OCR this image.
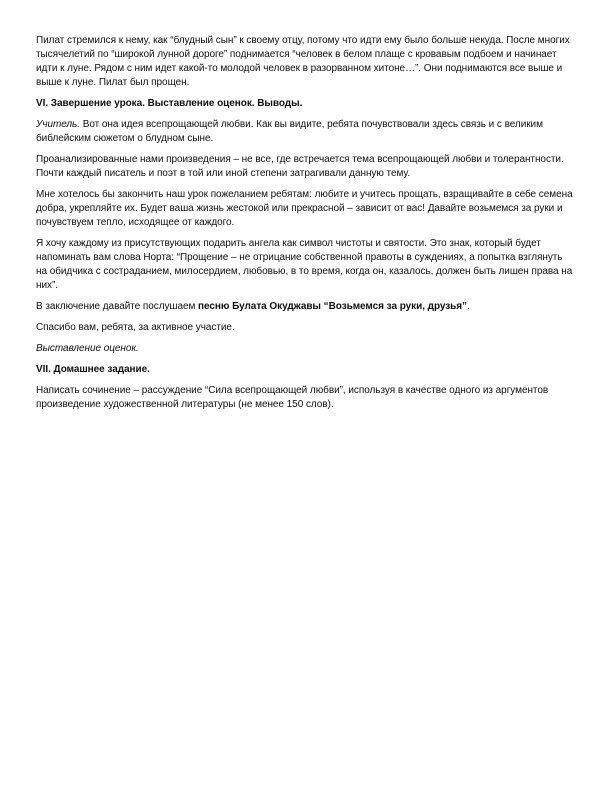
Пилат стремился к нему, как “блудный сын” к своему отцу, потому что идти ему было больше некуда. После многих тысячелетий по “широкой лунной дороге” поднимается “человек в белом плаще с кровавым подбоем и начинает идти к луне. Рядом с ним идет какой-то молодой человек в разорванном хитоне…”. Они поднимаются все выше и выше к луне. Пилат был прощен.

VI. Завершение урока. Выставление оценок. Выводы.

Учитель. Вот она идея всепрощающей любви. Как вы видите, ребята почувствовали здесь связь и с великим библейским сюжетом о блудном сыне.

Проанализированные нами произведения – не все, где встречается тема всепрощающей любви и толерантности. Почти каждый писатель и поэт в той или иной степени затрагивали данную тему.

Мне хотелось бы закончить наш урок пожеланием ребятам: любите и учитесь прощать, взращивайте в себе семена добра, укрепляйте их. Будет ваша жизнь жестокой или прекрасной – зависит от вас! Давайте возьмемся за руки и почувствуем тепло, исходящее от каждого.

Я хочу каждому из присутствующих подарить ангела как символ чистоты и святости. Это знак, который будет напоминать вам слова Норта: “Прощение – не отрицание собственной правоты в суждениях, а попытка взглянуть на обидчика с состраданием, милосердием, любовью, в то время, когда он, казалось, должен быть лишен права на них”.

В заключение давайте послушаем песню Булата Окуджавы “Возьмемся за руки, друзья”.

Спасибо вам, ребята, за активное участие.

Выставление оценок.

VII. Домашнее задание.

Написать сочинение – рассуждение “Сила всепрощающей любви”, используя в качестве одного из аргументов произведение художественной литературы (не менее 150 слов).
